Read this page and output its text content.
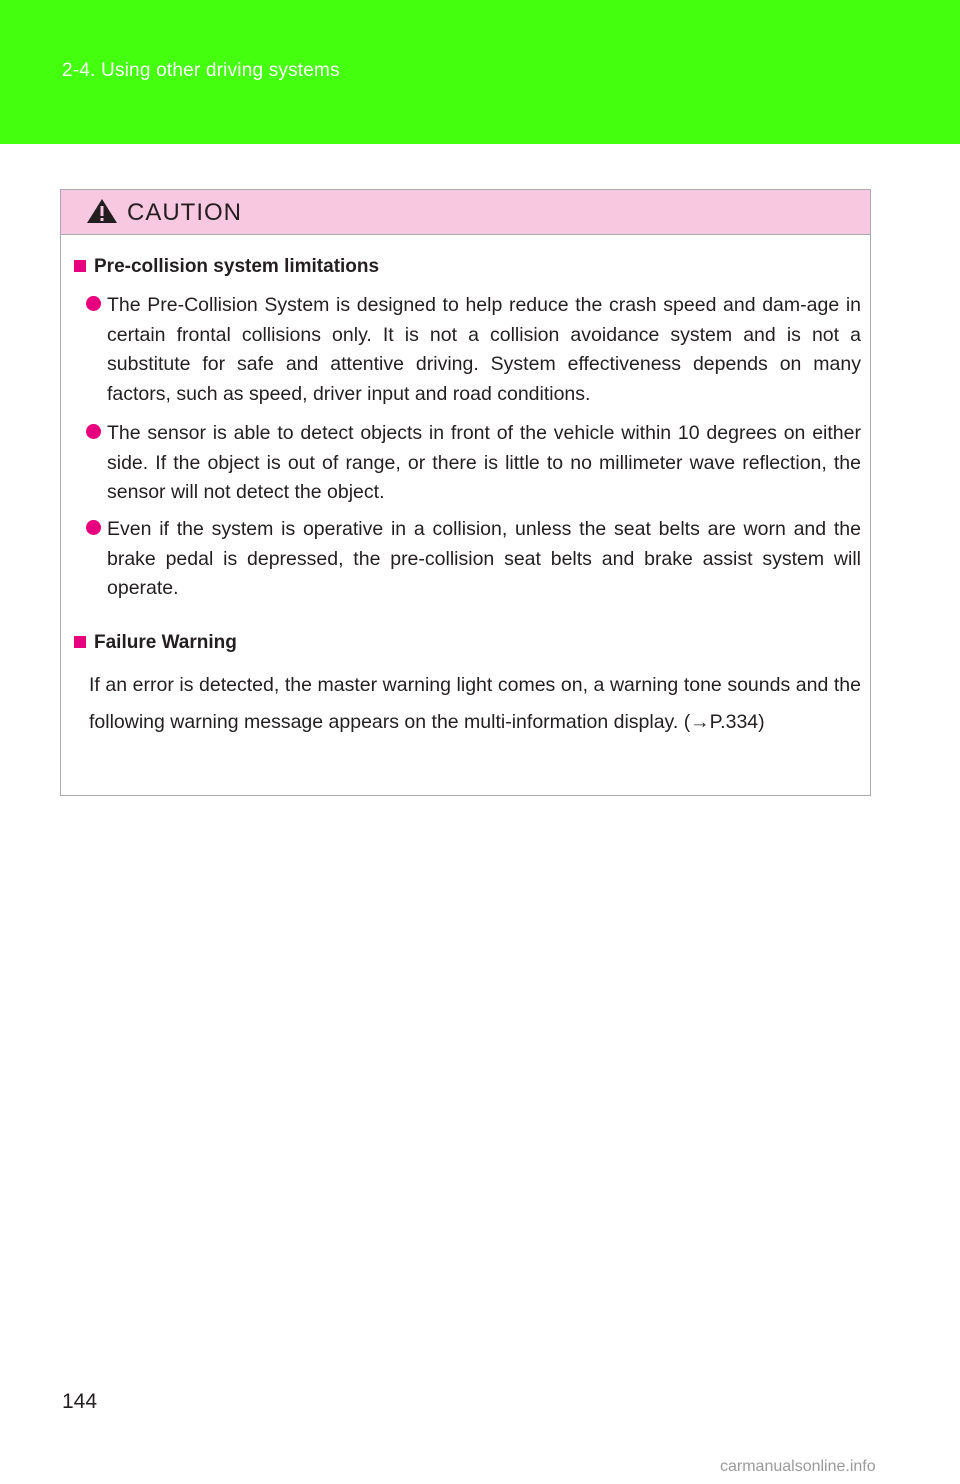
2-4. Using other driving systems
CAUTION
Pre-collision system limitations
The Pre-Collision System is designed to help reduce the crash speed and dam-age in certain frontal collisions only. It is not a collision avoidance system and is not a substitute for safe and attentive driving. System effectiveness depends on many factors, such as speed, driver input and road conditions.
The sensor is able to detect objects in front of the vehicle within 10 degrees on either side. If the object is out of range, or there is little to no millimeter wave reflection, the sensor will not detect the object.
Even if the system is operative in a collision, unless the seat belts are worn and the brake pedal is depressed, the pre-collision seat belts and brake assist system will operate.
Failure Warning
If an error is detected, the master warning light comes on, a warning tone sounds and the following warning message appears on the multi-information display. (→P.334)
144
carmanualsonline.info
